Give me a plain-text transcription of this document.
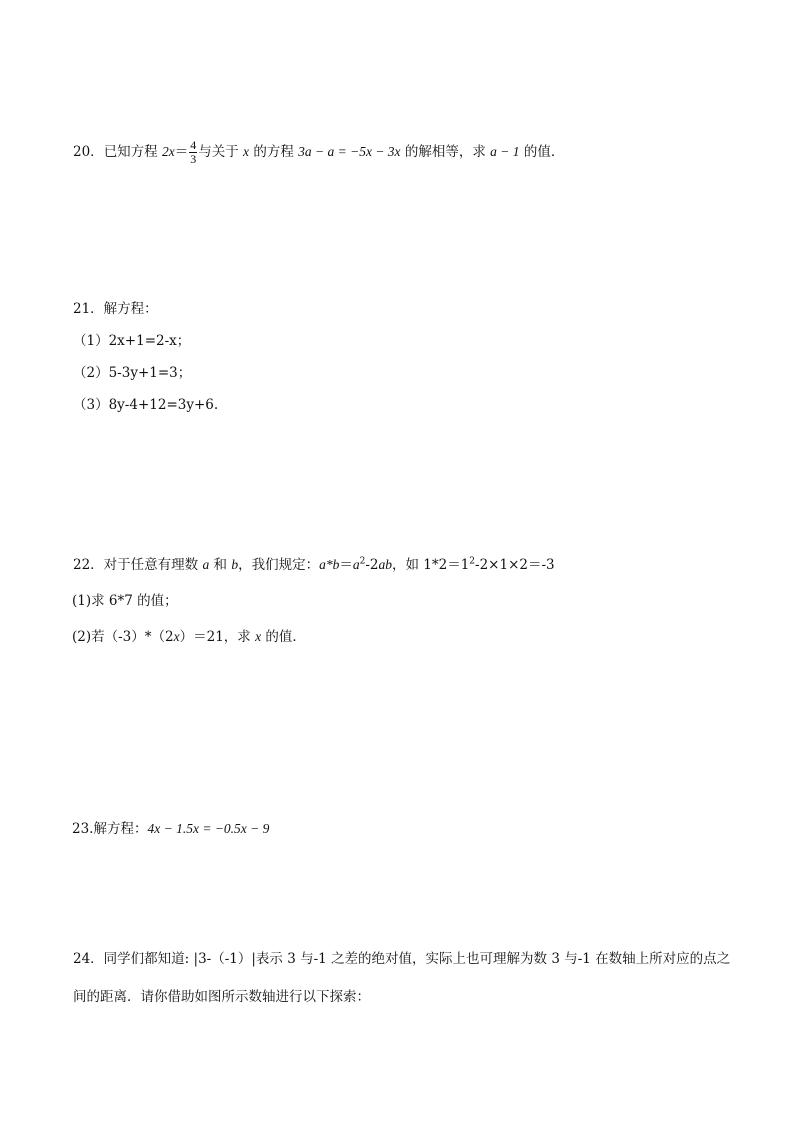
20．已知方程 $2x= \frac{4}{3}$ 与关于 x 的方程 3a − a = −5x − 3x 的解相等，求 a − 1 的值．
21．解方程：
（1）2x+1=2-x；
（2）5-3y+1=3；
（3）8y-4+12=3y+6.
22．对于任意有理数 a 和 b，我们规定：$a*b=a^2-2ab$，如 $1*2=1^2-2\times 1\times 2=-3$
(1)求 6*7 的值；
(2)若（-3）*（2x）＝21，求 x 的值．
23.解方程：4x − 1.5x = −0.5x − 9
24．同学们都知道: |3-（-1）|表示 3 与-1 之差的绝对值，实际上也可理解为数 3 与-1 在数轴上所对应的点之
间的距离．请你借助如图所示数轴进行以下探索：
